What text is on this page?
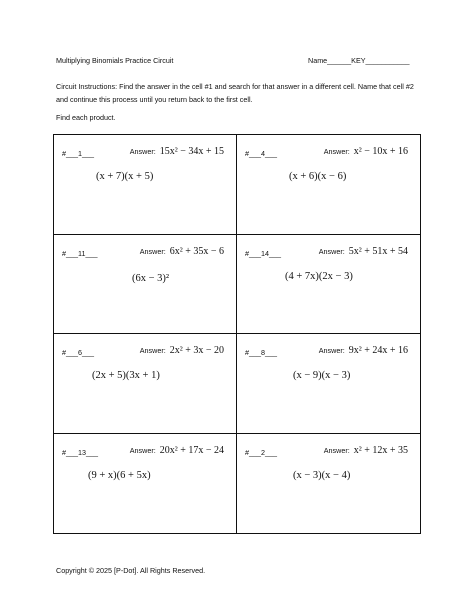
Multiplying Binomials Practice Circuit	Name______KEY___________
Circuit Instructions: Find the answer in the cell #1 and search for that answer in a different cell. Name that cell #2 and continue this process until you return back to the first cell.
Find each product.
#___1___	Answer: 15x² − 34x + 15
(x + 7)(x + 5)
#___4___	Answer: x² − 10x + 16
(x + 6)(x − 6)
#___11___	Answer: 6x² + 35x − 6
(6x − 3)²
#___14___	Answer: 5x² + 51x + 54
(4 + 7x)(2x − 3)
#___6___	Answer: 2x² + 3x − 20
(2x + 5)(3x + 1)
#___8___	Answer: 9x² + 24x + 16
(x − 9)(x − 3)
#___13___	Answer: 20x² + 17x − 24
(9 + x)(6 + 5x)
#___2___	Answer: x² + 12x + 35
(x − 3)(x − 4)
Copyright © 2025 [P-Dot]. All Rights Reserved.
